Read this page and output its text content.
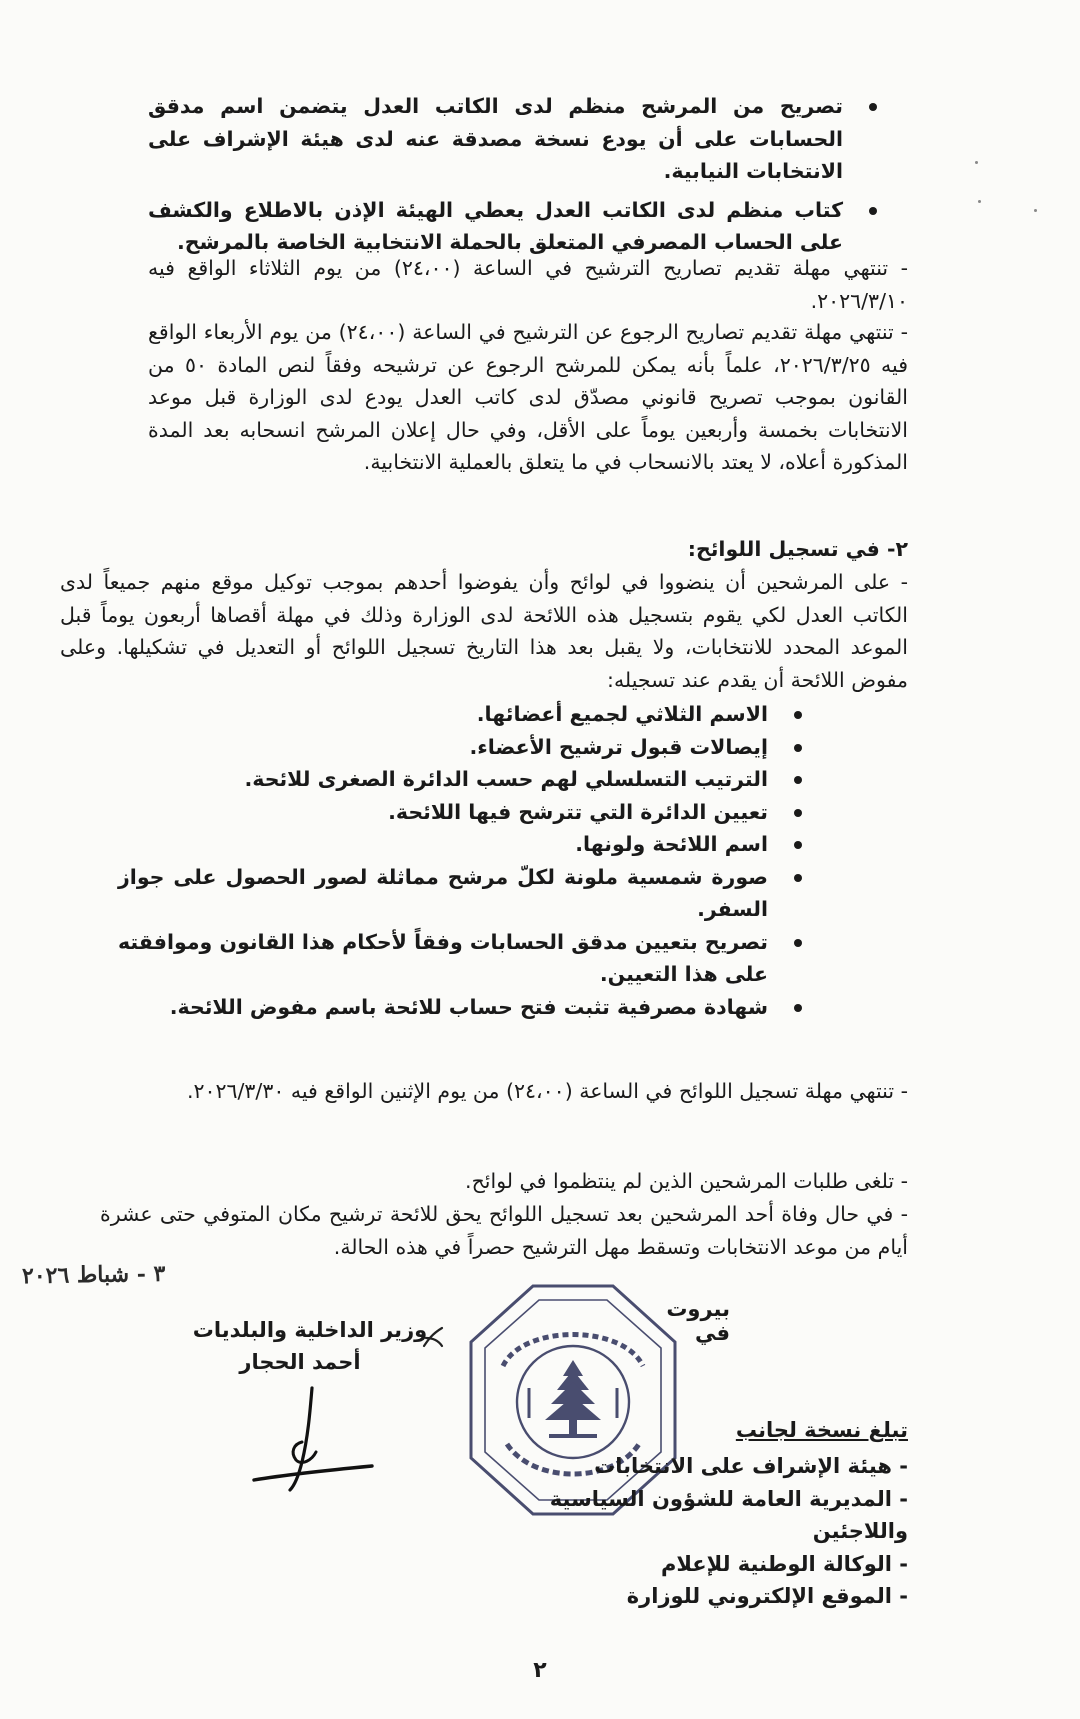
تصريح من المرشح منظم لدى الكاتب العدل يتضمن اسم مدقق الحسابات على أن يودع نسخة مصدقة عنه لدى هيئة الإشراف على الانتخابات النيابية.
كتاب منظم لدى الكاتب العدل يعطي الهيئة الإذن بالاطلاع والكشف على الحساب المصرفي المتعلق بالحملة الانتخابية الخاصة بالمرشح.
- تنتهي مهلة تقديم تصاريح الترشيح في الساعة (٢٤،٠٠) من يوم الثلاثاء الواقع فيه ٢٠٢٦/٣/١٠.
- تنتهي مهلة تقديم تصاريح الرجوع عن الترشيح في الساعة (٢٤،٠٠) من يوم الأربعاء الواقع فيه ٢٠٢٦/٣/٢٥، علماً بأنه يمكن للمرشح الرجوع عن ترشيحه وفقاً لنص المادة ٥٠ من القانون بموجب تصريح قانوني مصدّق لدى كاتب العدل يودع لدى الوزارة قبل موعد الانتخابات بخمسة وأربعين يوماً على الأقل، وفي حال إعلان المرشح انسحابه بعد المدة المذكورة أعلاه، لا يعتد بالانسحاب في ما يتعلق بالعملية الانتخابية.
٢- في تسجيل اللوائح:
- على المرشحين أن ينضووا في لوائح وأن يفوضوا أحدهم بموجب توكيل موقع منهم جميعاً لدى الكاتب العدل لكي يقوم بتسجيل هذه اللائحة لدى الوزارة وذلك في مهلة أقصاها أربعون يوماً قبل الموعد المحدد للانتخابات، ولا يقبل بعد هذا التاريخ تسجيل اللوائح أو التعديل في تشكيلها. وعلى مفوض اللائحة أن يقدم عند تسجيله:
الاسم الثلاثي لجميع أعضائها.
إيصالات قبول ترشيح الأعضاء.
الترتيب التسلسلي لهم حسب الدائرة الصغرى للائحة.
تعيين الدائرة التي تترشح فيها اللائحة.
اسم اللائحة ولونها.
صورة شمسية ملونة لكلّ مرشح مماثلة لصور الحصول على جواز السفر.
تصريح بتعيين مدقق الحسابات وفقاً لأحكام هذا القانون وموافقته على هذا التعيين.
شهادة مصرفية تثبت فتح حساب للائحة باسم مفوض اللائحة.
- تنتهي مهلة تسجيل اللوائح في الساعة (٢٤،٠٠) من يوم الإثنين الواقع فيه ٢٠٢٦/٣/٣٠.
- تلغى طلبات المرشحين الذين لم ينتظموا في لوائح.
- في حال وفاة أحد المرشحين بعد تسجيل اللوائح يحق للائحة ترشيح مكان المتوفي حتى عشرة أيام من موعد الانتخابات وتسقط مهل الترشيح حصراً في هذه الحالة.
٣ - شباط ٢٠٢٦
بيروت في
وزير الداخلية والبلديات
أحمد الحجار
تبلغ نسخة لجانب
- هيئة الإشراف على الانتخابات
- المديرية العامة للشؤون السياسية واللاجئين
- الوكالة الوطنية للإعلام
- الموقع الإلكتروني للوزارة
٢
